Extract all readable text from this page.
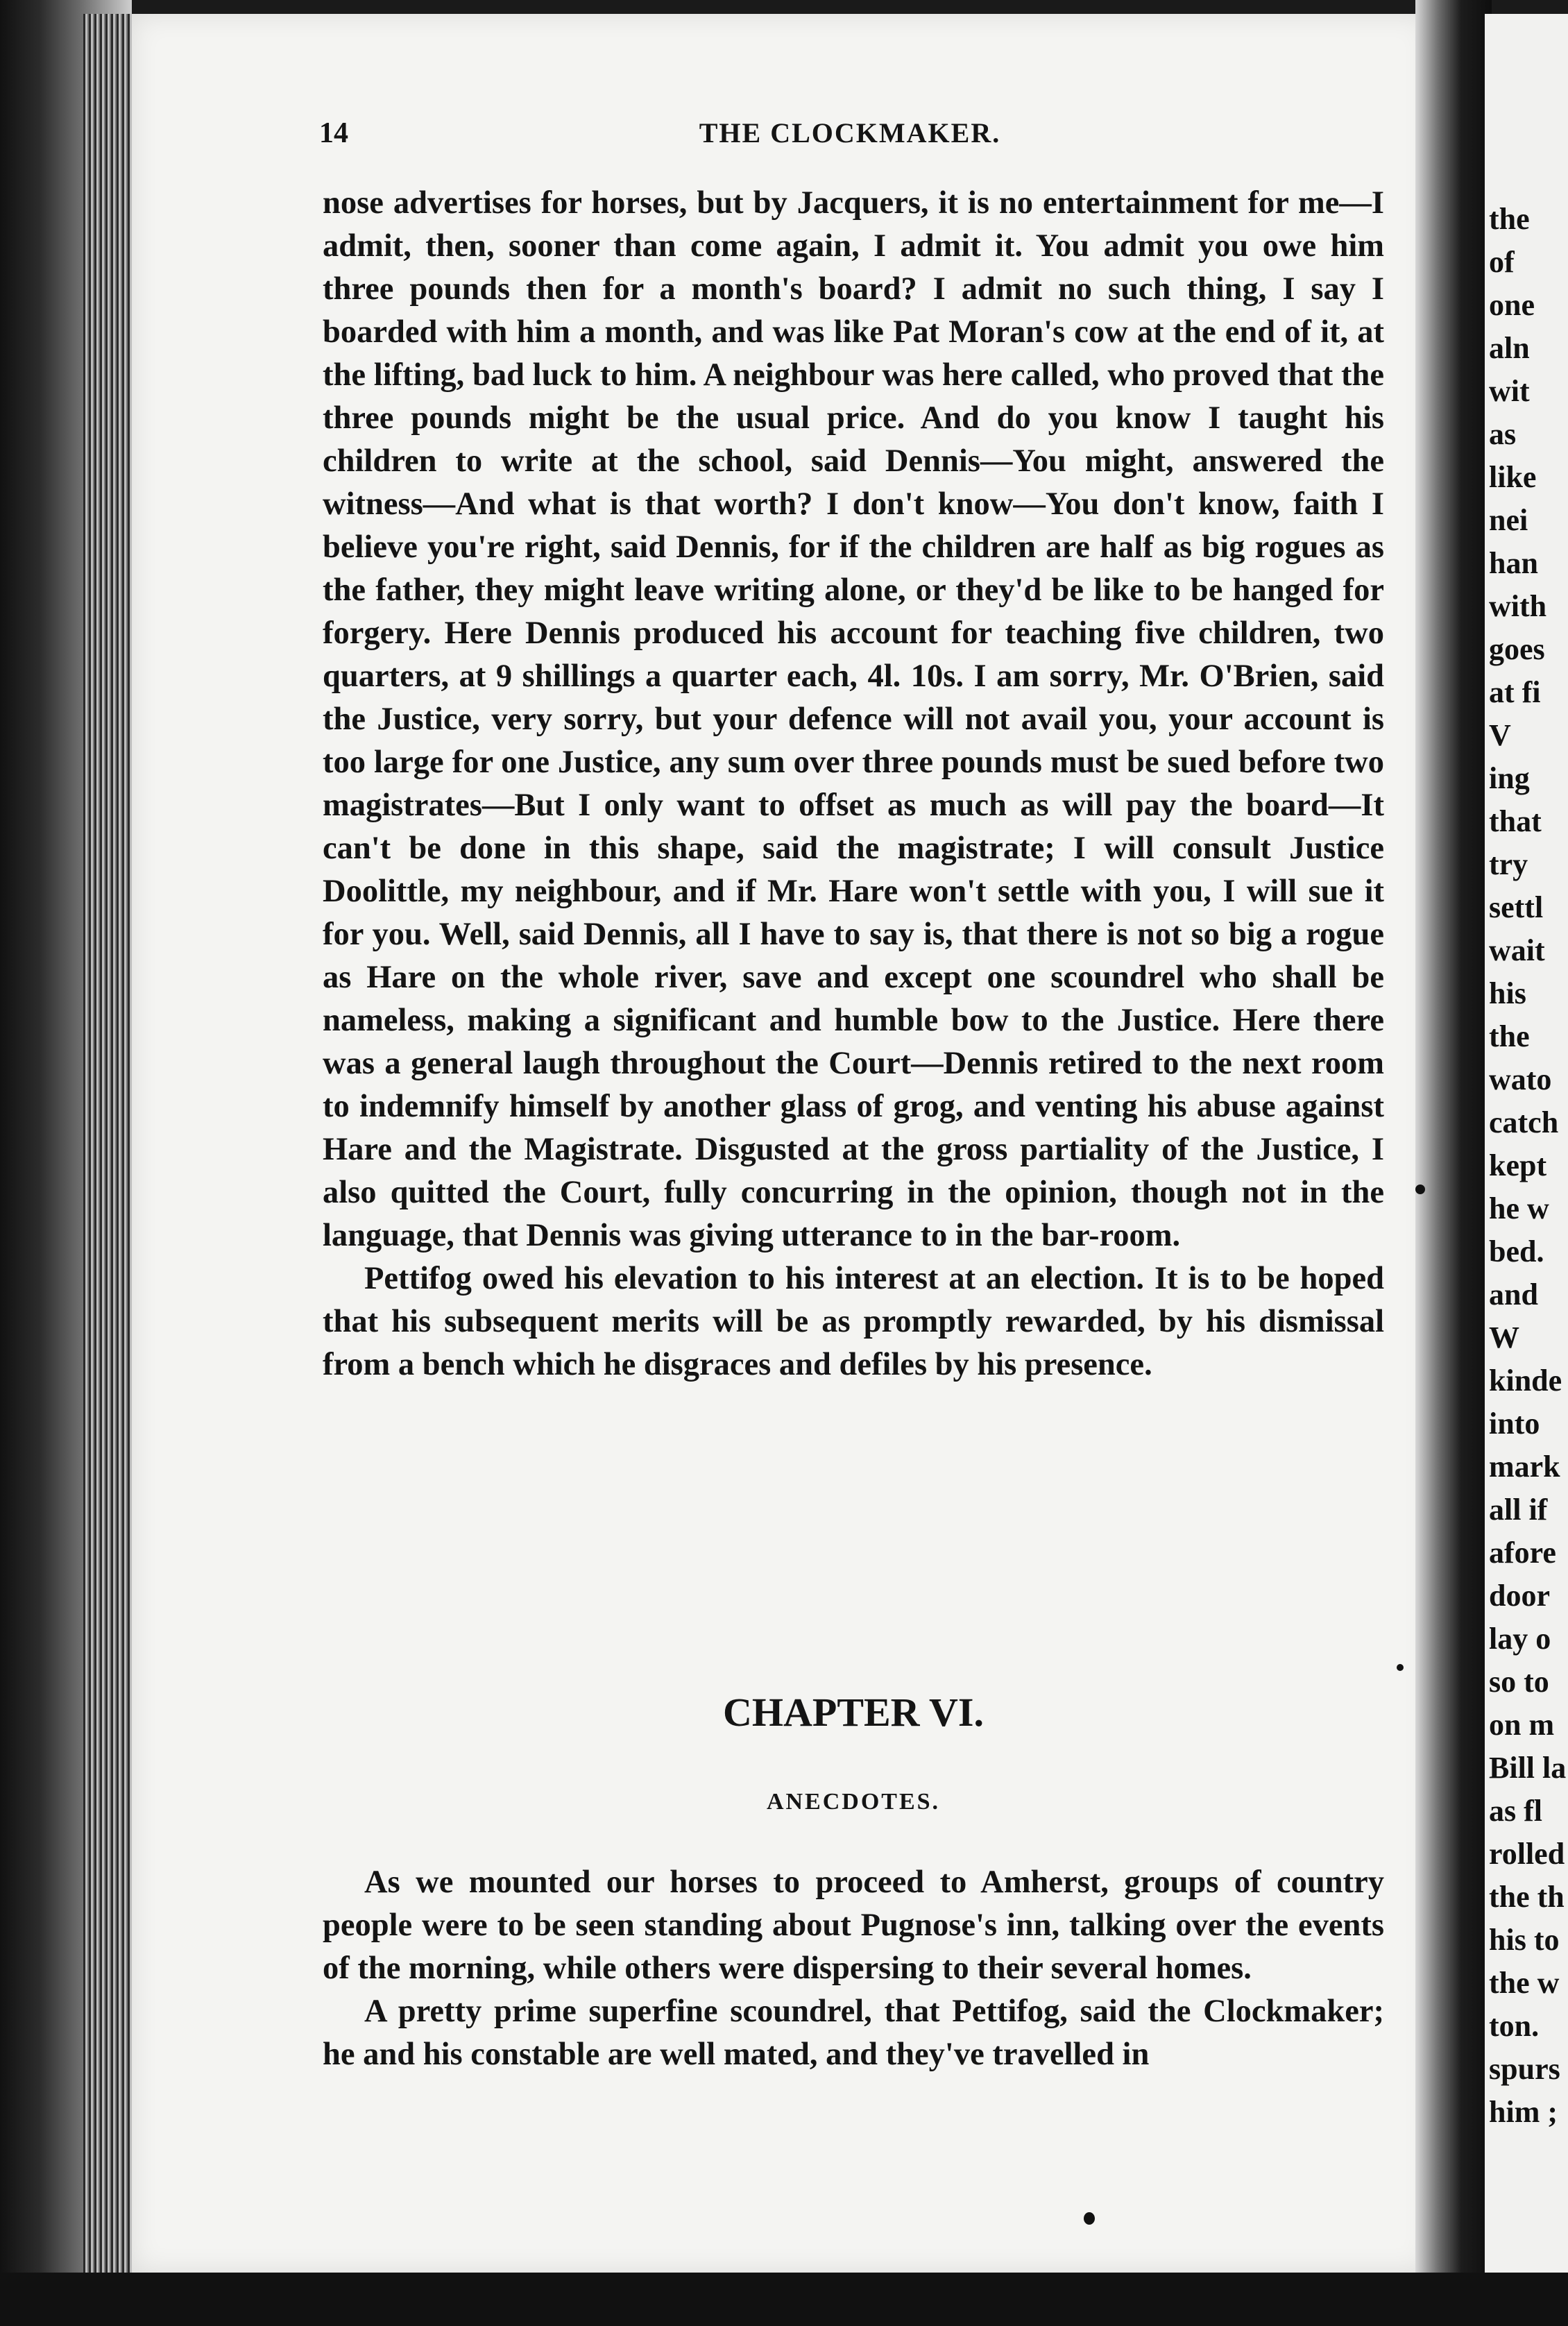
the
of
one
aln
wit
as
like
nei
han
with
goes
at fi
V
ing
that
try
settl
wait
his
the
wato
catch
kept
he w
bed.
and
W
kinde
into
mark
all if
afore
door
lay o
so to
on m
Bill la
as fl
rolled
the th
his to
the w
ton.
spurs
him ;
14	THE CLOCKMAKER.

nose advertises for horses, but by Jacquers, it is no entertainment for me—I admit, then, sooner than come again, I admit it. You admit you owe him three pounds then for a month's board? I admit no such thing, I say I boarded with him a month, and was like Pat Moran's cow at the end of it, at the lifting, bad luck to him. A neighbour was here called, who proved that the three pounds might be the usual price. And do you know I taught his children to write at the school, said Dennis—You might, answered the witness—And what is that worth? I don't know—You don't know, faith I believe you're right, said Dennis, for if the children are half as big rogues as the father, they might leave writing alone, or they'd be like to be hanged for forgery. Here Dennis produced his account for teaching five children, two quarters, at 9 shillings a quarter each, 4l. 10s. I am sorry, Mr. O'Brien, said the Justice, very sorry, but your defence will not avail you, your account is too large for one Justice, any sum over three pounds must be sued before two magistrates—But I only want to offset as much as will pay the board—It can't be done in this shape, said the magistrate; I will consult Justice Doolittle, my neighbour, and if Mr. Hare won't settle with you, I will sue it for you. Well, said Dennis, all I have to say is, that there is not so big a rogue as Hare on the whole river, save and except one scoundrel who shall be nameless, making a significant and humble bow to the Justice. Here there was a general laugh throughout the Court—Dennis retired to the next room to indemnify himself by another glass of grog, and venting his abuse against Hare and the Magistrate. Disgusted at the gross partiality of the Justice, I also quitted the Court, fully concurring in the opinion, though not in the language, that Dennis was giving utterance to in the bar-room.

Pettifog owed his elevation to his interest at an election. It is to be hoped that his subsequent merits will be as promptly rewarded, by his dismissal from a bench which he disgraces and defiles by his presence.

CHAPTER VI.
ANECDOTES.

As we mounted our horses to proceed to Amherst, groups of country people were to be seen standing about Pugnose's inn, talking over the events of the morning, while others were dispersing to their several homes.

A pretty prime superfine scoundrel, that Pettifog, said the Clockmaker; he and his constable are well mated, and they've travelled in
